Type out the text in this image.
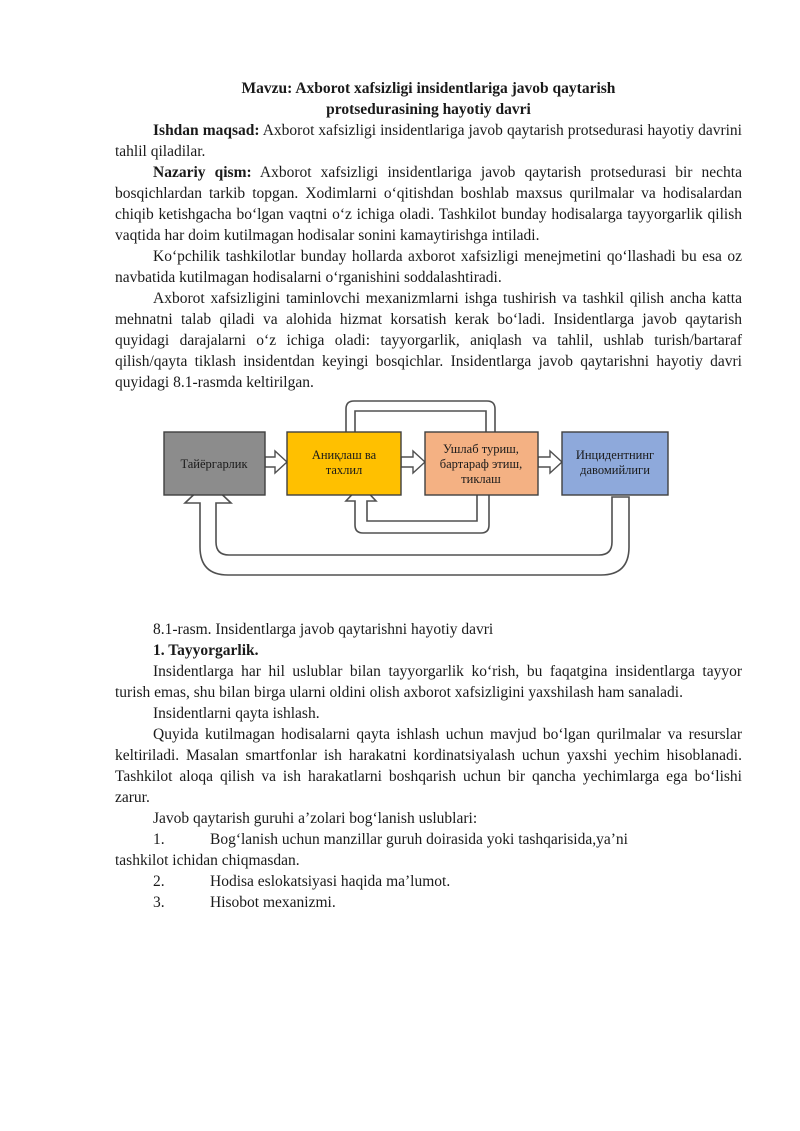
Mavzu: Axborot xafsizligi insidentlariga javob qaytarish

protsedurasining hayotiy davri

Ishdan maqsad: Axborot xafsizligi insidentlariga javob qaytarish protsedurasi hayotiy davrini tahlil qiladilar.

Nazariy qism: Axborot xafsizligi insidentlariga javob qaytarish protsedurasi bir nechta bosqichlardan tarkib topgan. Xodimlarni o‘qitishdan boshlab maxsus qurilmalar va hodisalardan chiqib ketishgacha bo‘lgan vaqtni o‘z ichiga oladi. Tashkilot bunday hodisalarga tayyorgarlik qilish vaqtida har doim kutilmagan hodisalar sonini kamaytirishga intiladi.

Ko‘pchilik tashkilotlar bunday hollarda axborot xafsizligi menejmetini qo‘llashadi bu esa oz navbatida kutilmagan hodisalarni o‘rganishini soddalashtiradi.

Axborot xafsizligini taminlovchi mexanizmlarni ishga tushirish va tashkil qilish ancha katta mehnatni talab qiladi va alohida hizmat korsatish kerak bo‘ladi. Insidentlarga javob qaytarish quyidagi darajalarni o‘z ichiga oladi: tayyorgarlik, aniqlash va tahlil, ushlab turish/bartaraf qilish/qayta tiklash insidentdan keyingi bosqichlar. Insidentlarga javob qaytarishni hayotiy davri quyidagi 8.1-rasmda keltirilgan.

Тайёргарлик
Аниқлаш ва
тахлил
Ушлаб туриш,
бартараф этиш,
тиклаш
Инцидентнинг
давомийлиги

8.1-rasm. Insidentlarga javob qaytarishni hayotiy davri

1. Tayyorgarlik.

Insidentlarga har hil uslublar bilan tayyorgarlik ko‘rish, bu faqatgina insidentlarga tayyor turish emas, shu bilan birga ularni oldini olish axborot xafsizligini yaxshilash ham sanaladi.

Insidentlarni qayta ishlash.

Quyida kutilmagan hodisalarni qayta ishlash uchun mavjud bo‘lgan qurilmalar va resurslar keltiriladi. Masalan smartfonlar ish harakatni kordinatsiyalash uchun yaxshi yechim hisoblanadi. Tashkilot aloqa qilish va ish harakatlarni boshqarish uchun bir qancha yechimlarga ega bo‘lishi zarur.

Javob qaytarish guruhi a’zolari bog‘lanish uslublari:

1.	Bog‘lanish uchun manzillar guruh doirasida yoki tashqarisida,ya’ni

tashkilot ichidan chiqmasdan.

2.	Hodisa eslokatsiyasi haqida ma’lumot.
3.	Hisobot mexanizmi.
